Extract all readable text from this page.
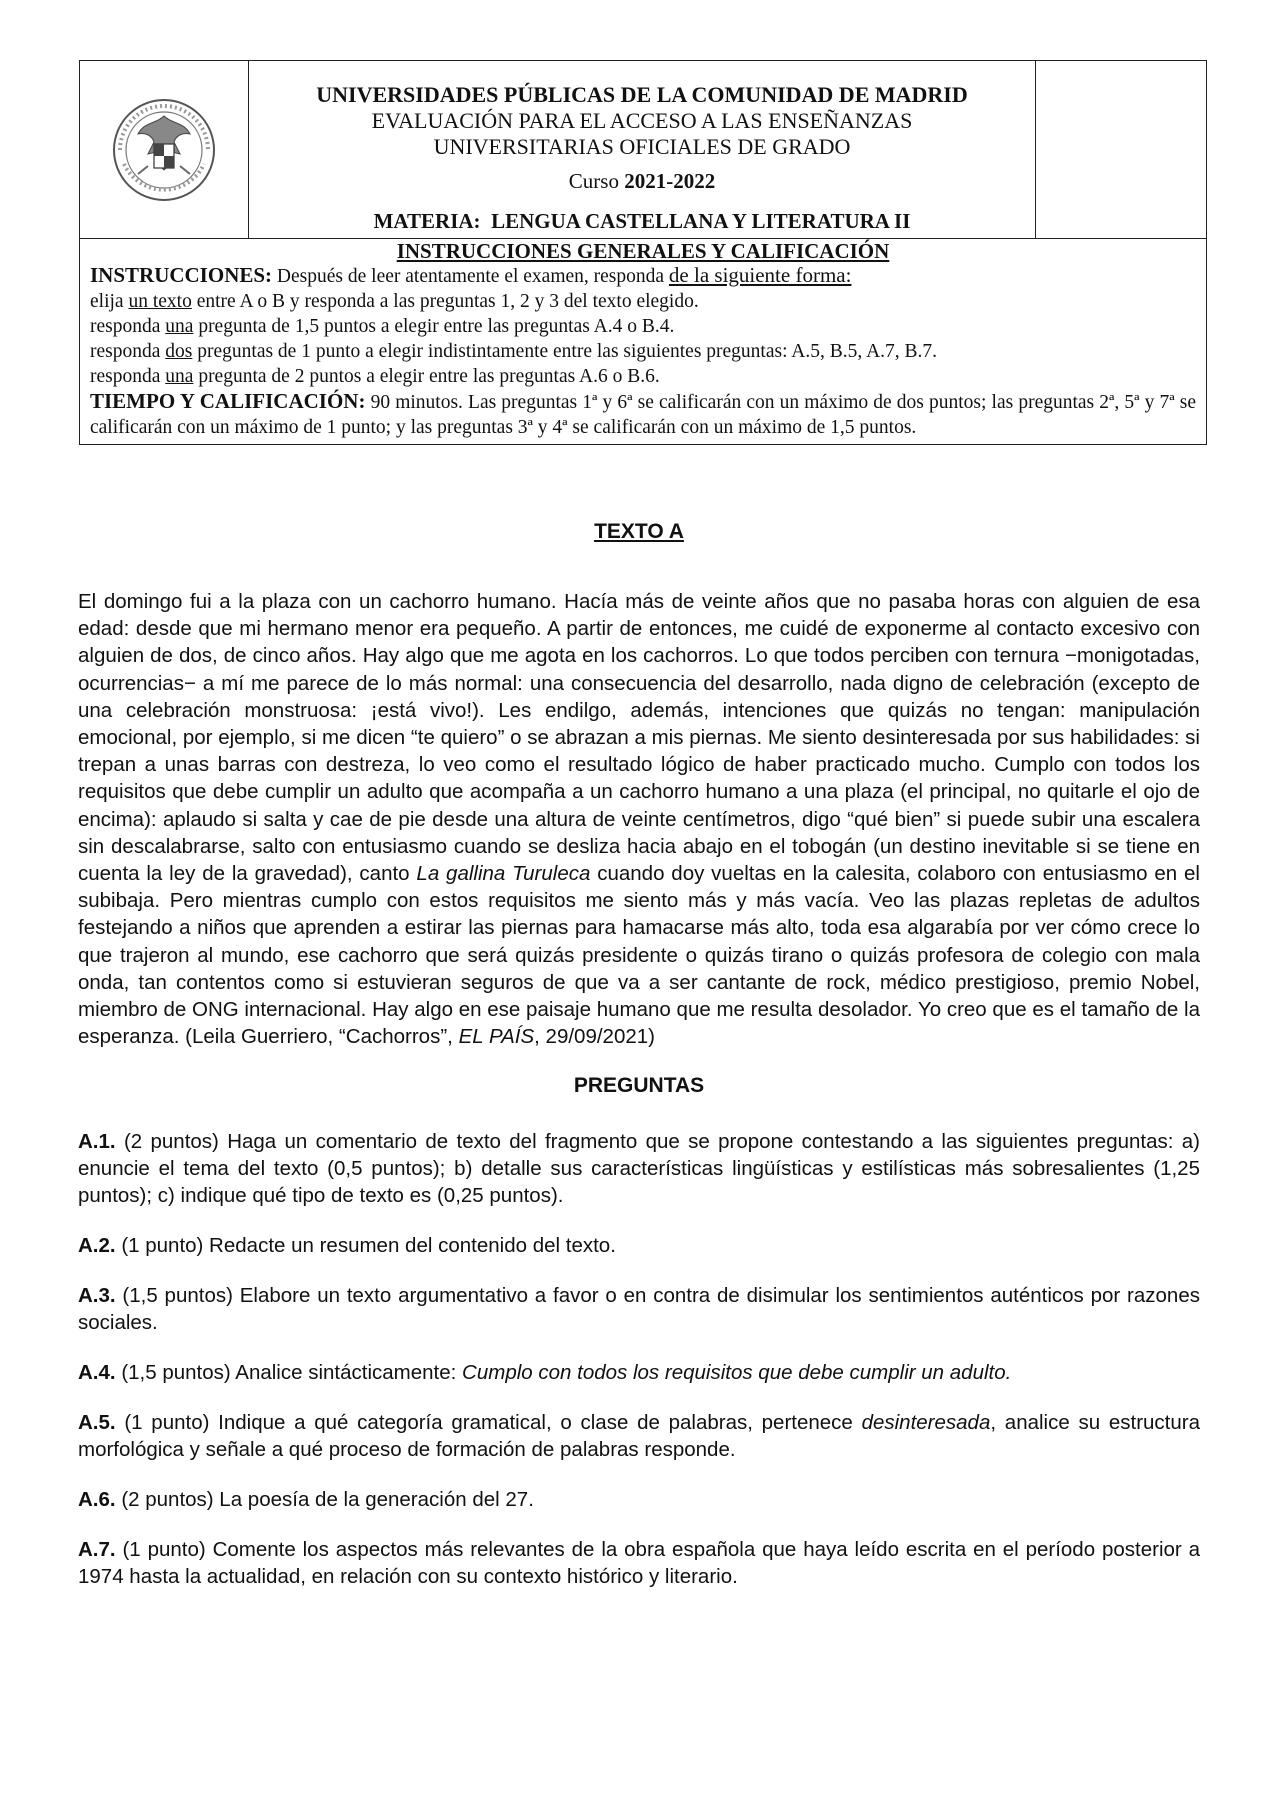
UNIVERSIDADES PÚBLICAS DE LA COMUNIDAD DE MADRID
EVALUACIÓN PARA EL ACCESO A LAS ENSEÑANZAS
UNIVERSITARIAS OFICIALES DE GRADO
Curso 2021-2022
MATERIA: LENGUA CASTELLANA Y LITERATURA II
INSTRUCCIONES GENERALES Y CALIFICACIÓN
INSTRUCCIONES: Después de leer atentamente el examen, responda de la siguiente forma:
elija un texto entre A o B y responda a las preguntas 1, 2 y 3 del texto elegido.
responda una pregunta de 1,5 puntos a elegir entre las preguntas A.4 o B.4.
responda dos preguntas de 1 punto a elegir indistintamente entre las siguientes preguntas: A.5, B.5, A.7, B.7.
responda una pregunta de 2 puntos a elegir entre las preguntas A.6 o B.6.
TIEMPO Y CALIFICACIÓN: 90 minutos. Las preguntas 1ª y 6ª se calificarán con un máximo de dos puntos; las preguntas 2ª, 5ª y 7ª se calificarán con un máximo de 1 punto; y las preguntas 3ª y 4ª se calificarán con un máximo de 1,5 puntos.
TEXTO A

El domingo fui a la plaza con un cachorro humano. Hacía más de veinte años que no pasaba horas con alguien de esa edad: desde que mi hermano menor era pequeño. A partir de entonces, me cuidé de exponerme al contacto excesivo con alguien de dos, de cinco años. Hay algo que me agota en los cachorros. Lo que todos perciben con ternura −monigotadas, ocurrencias− a mí me parece de lo más normal: una consecuencia del desarrollo, nada digno de celebración (excepto de una celebración monstruosa: ¡está vivo!). Les endilgo, además, intenciones que quizás no tengan: manipulación emocional, por ejemplo, si me dicen “te quiero” o se abrazan a mis piernas. Me siento desinteresada por sus habilidades: si trepan a unas barras con destreza, lo veo como el resultado lógico de haber practicado mucho. Cumplo con todos los requisitos que debe cumplir un adulto que acompaña a un cachorro humano a una plaza (el principal, no quitarle el ojo de encima): aplaudo si salta y cae de pie desde una altura de veinte centímetros, digo “qué bien” si puede subir una escalera sin descalabrarse, salto con entusiasmo cuando se desliza hacia abajo en el tobogán (un destino inevitable si se tiene en cuenta la ley de la gravedad), canto La gallina Turuleca cuando doy vueltas en la calesita, colaboro con entusiasmo en el subibaja. Pero mientras cumplo con estos requisitos me siento más y más vacía. Veo las plazas repletas de adultos festejando a niños que aprenden a estirar las piernas para hamacarse más alto, toda esa algarabía por ver cómo crece lo que trajeron al mundo, ese cachorro que será quizás presidente o quizás tirano o quizás profesora de colegio con mala onda, tan contentos como si estuvieran seguros de que va a ser cantante de rock, médico prestigioso, premio Nobel, miembro de ONG internacional. Hay algo en ese paisaje humano que me resulta desolador. Yo creo que es el tamaño de la esperanza. (Leila Guerriero, “Cachorros”, EL PAÍS, 29/09/2021)

PREGUNTAS

A.1. (2 puntos) Haga un comentario de texto del fragmento que se propone contestando a las siguientes preguntas: a) enuncie el tema del texto (0,5 puntos); b) detalle sus características lingüísticas y estilísticas más sobresalientes (1,25 puntos); c) indique qué tipo de texto es (0,25 puntos).

A.2. (1 punto) Redacte un resumen del contenido del texto.

A.3. (1,5 puntos) Elabore un texto argumentativo a favor o en contra de disimular los sentimientos auténticos por razones sociales.

A.4. (1,5 puntos) Analice sintácticamente: Cumplo con todos los requisitos que debe cumplir un adulto.

A.5. (1 punto) Indique a qué categoría gramatical, o clase de palabras, pertenece desinteresada, analice su estructura morfológica y señale a qué proceso de formación de palabras responde.

A.6. (2 puntos) La poesía de la generación del 27.

A.7. (1 punto) Comente los aspectos más relevantes de la obra española que haya leído escrita en el período posterior a 1974 hasta la actualidad, en relación con su contexto histórico y literario.
